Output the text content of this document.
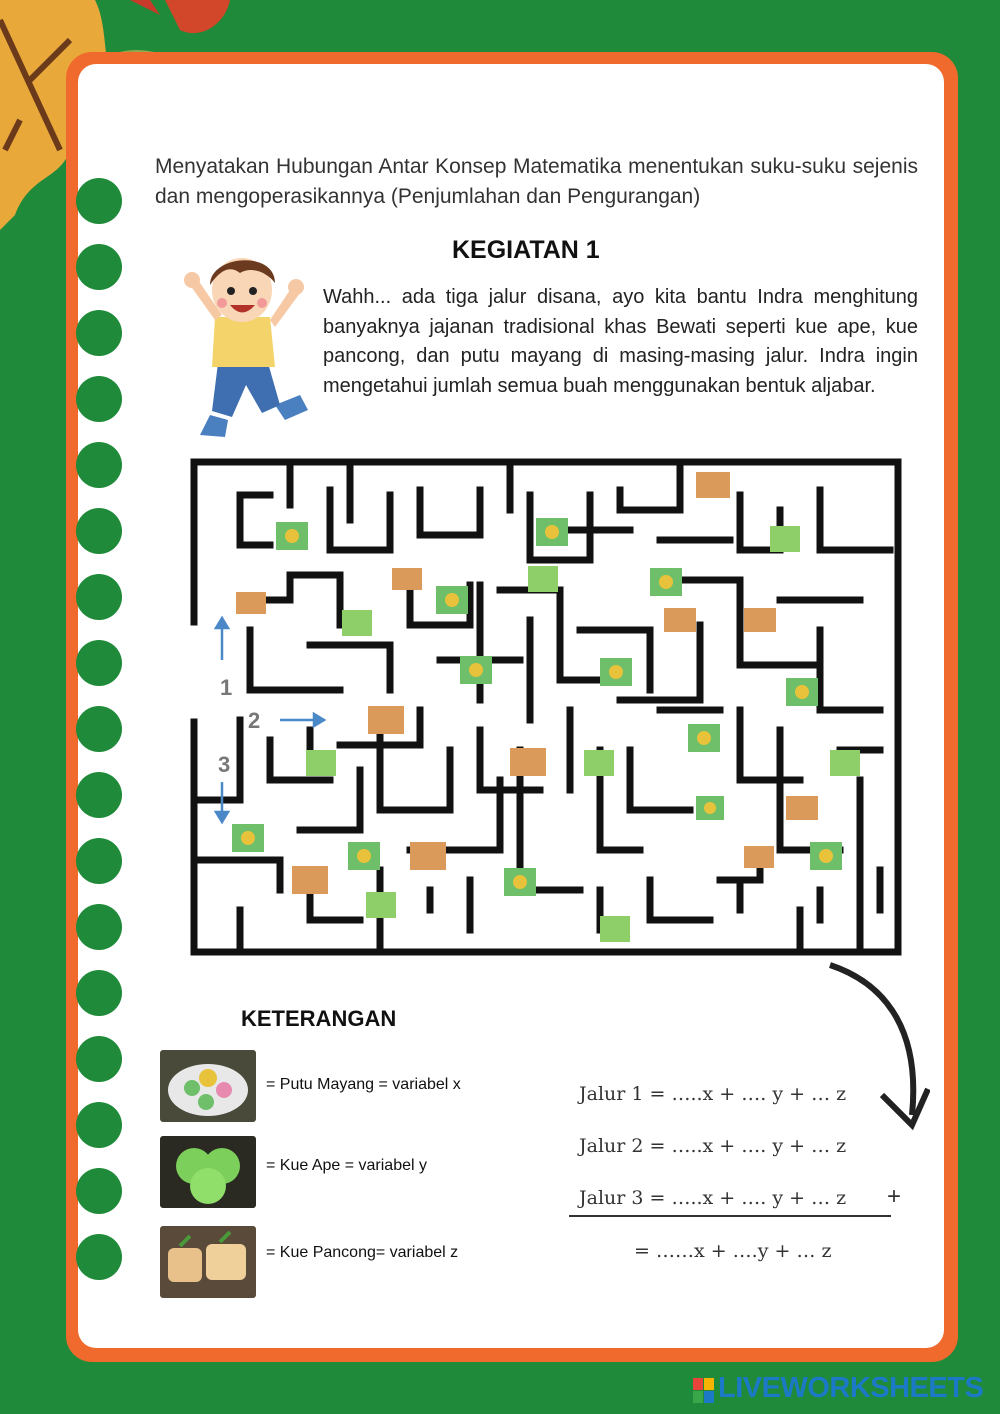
Menyatakan Hubungan Antar Konsep Matematika menentukan suku-suku sejenis dan mengoperasikannya (Penjumlahan dan Pengurangan)
KEGIATAN 1
Wahh... ada tiga jalur disana, ayo kita bantu Indra menghitung banyaknya jajanan tradisional khas Bewati seperti kue ape, kue pancong, dan putu mayang di masing-masing jalur. Indra ingin mengetahui jumlah semua buah menggunakan bentuk aljabar.
1
2
3
KETERANGAN
= Putu Mayang = variabel x
= Kue Ape = variabel y
= Kue Pancong= variabel z
Jalur 1 = …..x + …. y + … z
Jalur 2 = …..x + …. y + … z
Jalur 3 = …..x + …. y + … z +
= ……x + ….y + … z
LIVEWORKSHEETS
